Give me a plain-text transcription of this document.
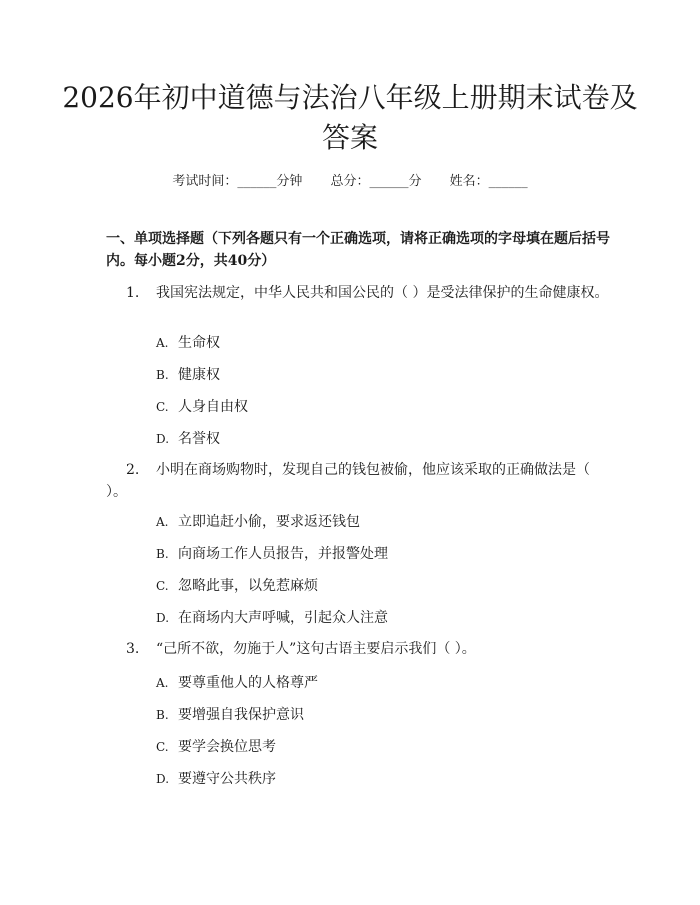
2026年初中道德与法治八年级上册期末试卷及答案
考试时间：______分钟 总分：______分 姓名：______

一、单项选择题（下列各题只有一个正确选项，请将正确选项的字母填在题后括号内。每小题2分，共40分）

1. 我国宪法规定，中华人民共和国公民的（ ）是受法律保护的生命健康权。
A. 生命权
B. 健康权
C. 人身自由权
D. 名誉权
2. 小明在商场购物时，发现自己的钱包被偷，他应该采取的正确做法是（ ）。
A. 立即追赶小偷，要求返还钱包
B. 向商场工作人员报告，并报警处理
C. 忽略此事，以免惹麻烦
D. 在商场内大声呼喊，引起众人注意
3. “己所不欲，勿施于人”这句古语主要启示我们（ ）。
A. 要尊重他人的人格尊严
B. 要增强自我保护意识
C. 要学会换位思考
D. 要遵守公共秩序
